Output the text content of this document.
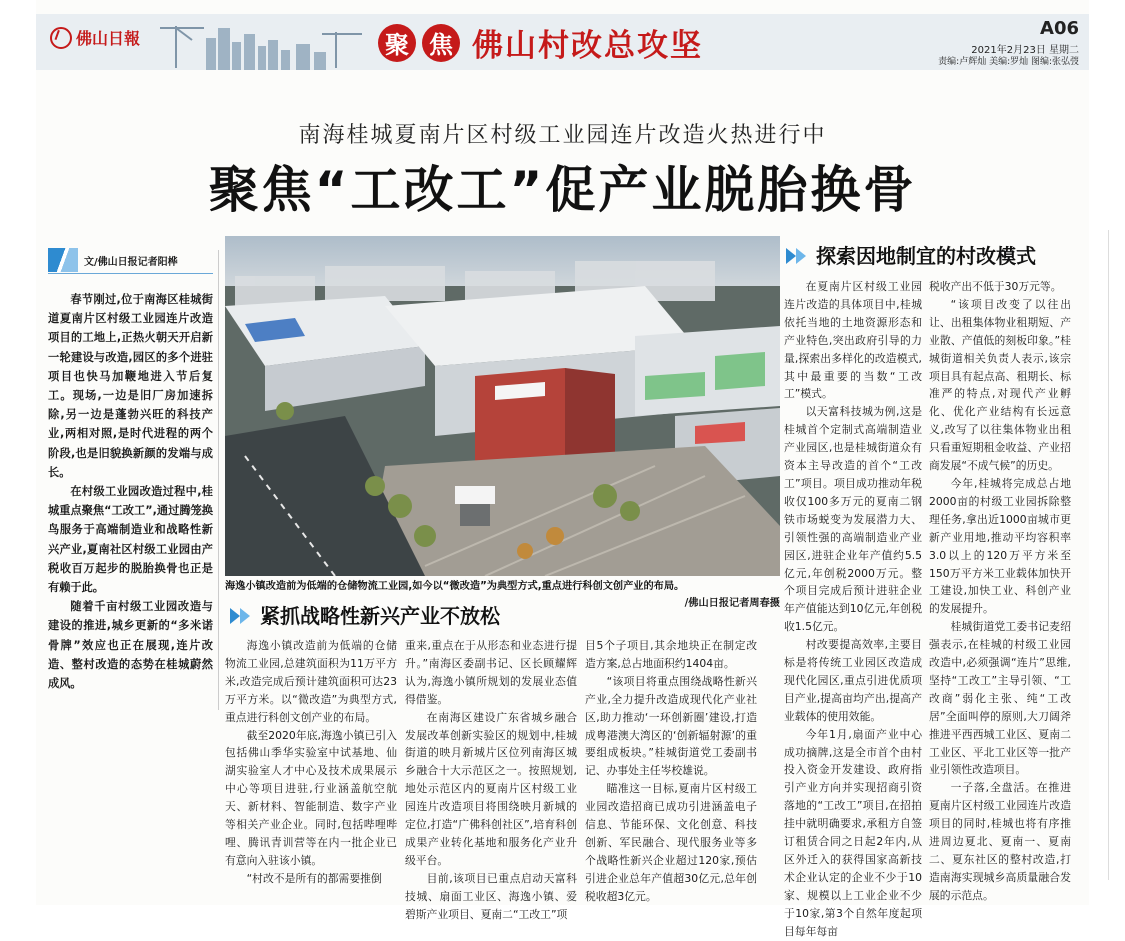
佛山日報	聚 焦 佛山村改总攻坚	A06
2021年2月23日 星期二
责编:卢辉灿 美编:罗灿 图编:张弘弢
南海桂城夏南片区村级工业园连片改造火热进行中
聚焦“工改工”促产业脱胎换骨
文/佛山日报记者阳桦

春节刚过,位于南海区桂城街道夏南片区村级工业园连片改造项目的工地上,正热火朝天开启新一轮建设与改造,园区的多个进驻项目也快马加鞭地进入节后复工。现场,一边是旧厂房加速拆除,另一边是蓬勃兴旺的科技产业,两相对照,是时代进程的两个阶段,也是旧貌换新颜的发端与成长。

在村级工业园改造过程中,桂城重点聚焦“工改工”,通过腾笼换鸟服务于高端制造业和战略性新兴产业,夏南社区村级工业园由产税收百万起步的脱胎换骨也正是有赖于此。

随着千亩村级工业园改造与建设的推进,城乡更新的“多米诺骨牌”效应也正在展现,连片改造、整村改造的态势在桂城蔚然成风。

海逸小镇改造前为低端的仓储物流工业园,如今以“微改造”为典型方式,重点进行科创文创产业的布局。
/佛山日报记者周春摄
紧抓战略性新兴产业不放松

海逸小镇改造前为低端的仓储物流工业园,总建筑面积为11万平方米,改造完成后预计建筑面积可达23万平方米。以“微改造”为典型方式,重点进行科创文创产业的布局。

截至2020年底,海逸小镇已引入包括佛山季华实验室中试基地、仙湖实验室人才中心及技术成果展示中心等项目进驻,行业涵盖航空航天、新材料、智能制造、数字产业等相关产业企业。同时,包括哔哩哔哩、腾讯青训营等在内一批企业已有意向入驻该小镇。

“村改不是所有的都需要推倒

重来,重点在于从形态和业态进行提升。”南海区委副书记、区长顾耀辉认为,海逸小镇所规划的发展业态值得借鉴。

在南海区建设广东省城乡融合发展改革创新实验区的规划中,桂城街道的映月新城片区位列南海区城乡融合十大示范区之一。按照规划,地处示范区内的夏南片区村级工业园连片改造项目将围绕映月新城的定位,打造“广佛科创社区”,培育科创成果产业转化基地和服务化产业升级平台。

目前,该项目已重点启动天富科技城、扇面工业区、海逸小镇、爱碧斯产业项目、夏南二“工改工”项

目5个子项目,其余地块正在制定改造方案,总占地面积约1404亩。

“该项目将重点围绕战略性新兴产业,全力提升改造成现代化产业社区,助力推动‘一环创新圈’建设,打造成粤港澳大湾区的‘创新辐射源’的重要组成板块。”桂城街道党工委副书记、办事处主任岑校雄说。

瞄准这一目标,夏南片区村级工业园改造招商已成功引进涵盖电子信息、节能环保、文化创意、科技创新、军民融合、现代服务业等多个战略性新兴企业超过120家,预估引进企业总年产值超30亿元,总年创税收超3亿元。

探索因地制宜的村改模式

在夏南片区村级工业园连片改造的具体项目中,桂城依托当地的土地资源形态和产业特色,突出政府引导的力量,探索出多样化的改造模式,其中最重要的当数“工改工”模式。

以天富科技城为例,这是桂城首个定制式高端制造业产业园区,也是桂城街道众有资本主导改造的首个“工改工”项目。项目成功推动年税收仅100多万元的夏南二钢铁市场蜕变为发展潜力大、引领性强的高端制造业产业园区,进驻企业年产值约5.5亿元,年创税2000万元。整个项目完成后预计进驻企业年产值能达到10亿元,年创税收1.5亿元。

村改要提高效率,主要目标是将传统工业园区改造成现代化园区,重点引进优质项目产业,提高亩均产出,提高产业载体的使用效能。

今年1月,扇面产业中心成功摘牌,这是全市首个由村投入资金开发建设、政府指引产业方向并实现招商引资落地的“工改工”项目,在招拍挂中就明确要求,承租方自签订租赁合同之日起2年内,从区外迁入的获得国家高新技术企业认定的企业不少于10家、规模以上工业企业不少于10家,第3个自然年度起项目每年每亩

税收产出不低于30万元等。

“该项目改变了以往出让、出租集体物业租期短、产业散、产值低的刻板印象。”桂城街道相关负责人表示,该宗项目具有起点高、租期长、标准严的特点,对现代产业孵化、优化产业结构有长远意义,改写了以往集体物业出租只看重短期租金收益、产业招商发展“不成气候”的历史。

今年,桂城将完成总占地2000亩的村级工业园拆除整理任务,拿出近1000亩城市更新产业用地,推动平均容积率3.0以上的120万平方米至150万平方米工业载体加快开工建设,加快工业、科创产业的发展提升。

桂城街道党工委书记麦绍强表示,在桂城的村级工业园改造中,必须强调“连片”思维,坚持“工改工”主导引领、“工改商”弱化主张、纯“工改居”全面叫停的原则,大刀阔斧推进平西西城工业区、夏南二工业区、平北工业区等一批产业引领性改造项目。

一子落,全盘活。在推进夏南片区村级工业园连片改造项目的同时,桂城也将有序推进周边夏北、夏南一、夏南二、夏东社区的整村改造,打造南海实现城乡高质量融合发展的示范点。
